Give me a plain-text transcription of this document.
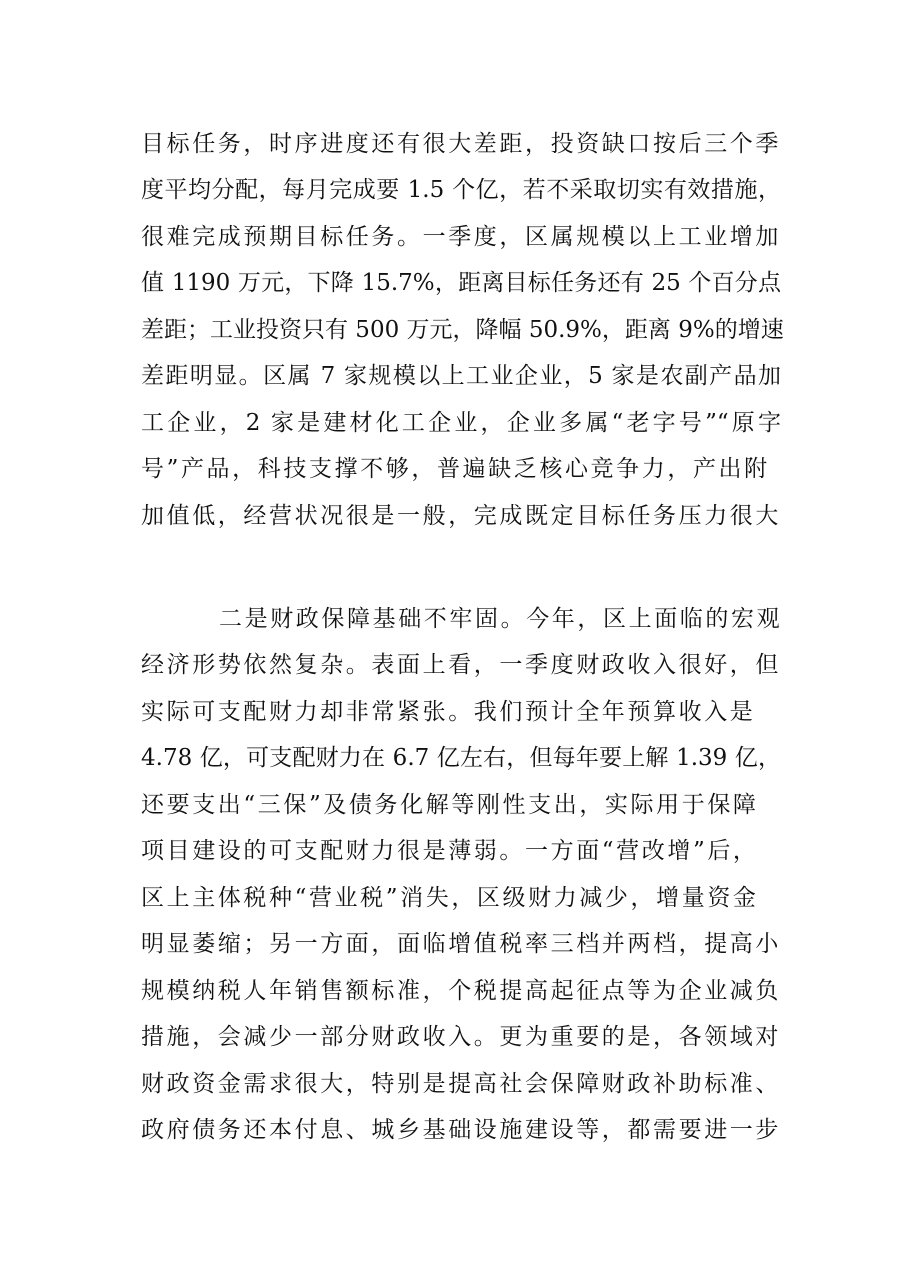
目标任务，时序进度还有很大差距，投资缺口按后三个季
度平均分配，每月完成要 1.5 个亿，若不采取切实有效措施，
很难完成预期目标任务。一季度，区属规模以上工业增加
值 1190 万元，下降 15.7%，距离目标任务还有 25 个百分点
差距；工业投资只有 500 万元，降幅 50.9%，距离 9%的增速
差距明显。区属 7 家规模以上工业企业，5 家是农副产品加
工企业，2 家是建材化工企业，企业多属“老字号”“原字
号”产品，科技支撑不够，普遍缺乏核心竞争力，产出附
加值低，经营状况很是一般，完成既定目标任务压力很大
二是财政保障基础不牢固。今年，区上面临的宏观
经济形势依然复杂。表面上看，一季度财政收入很好，但
实际可支配财力却非常紧张。我们预计全年预算收入是
4.78 亿，可支配财力在 6.7 亿左右，但每年要上解 1.39 亿，
还要支出“三保”及债务化解等刚性支出，实际用于保障
项目建设的可支配财力很是薄弱。一方面“营改增”后，
区上主体税种“营业税”消失，区级财力减少，增量资金
明显萎缩；另一方面，面临增值税率三档并两档，提高小
规模纳税人年销售额标准，个税提高起征点等为企业减负
措施，会减少一部分财政收入。更为重要的是，各领域对
财政资金需求很大，特别是提高社会保障财政补助标准、
政府债务还本付息、城乡基础设施建设等，都需要进一步
